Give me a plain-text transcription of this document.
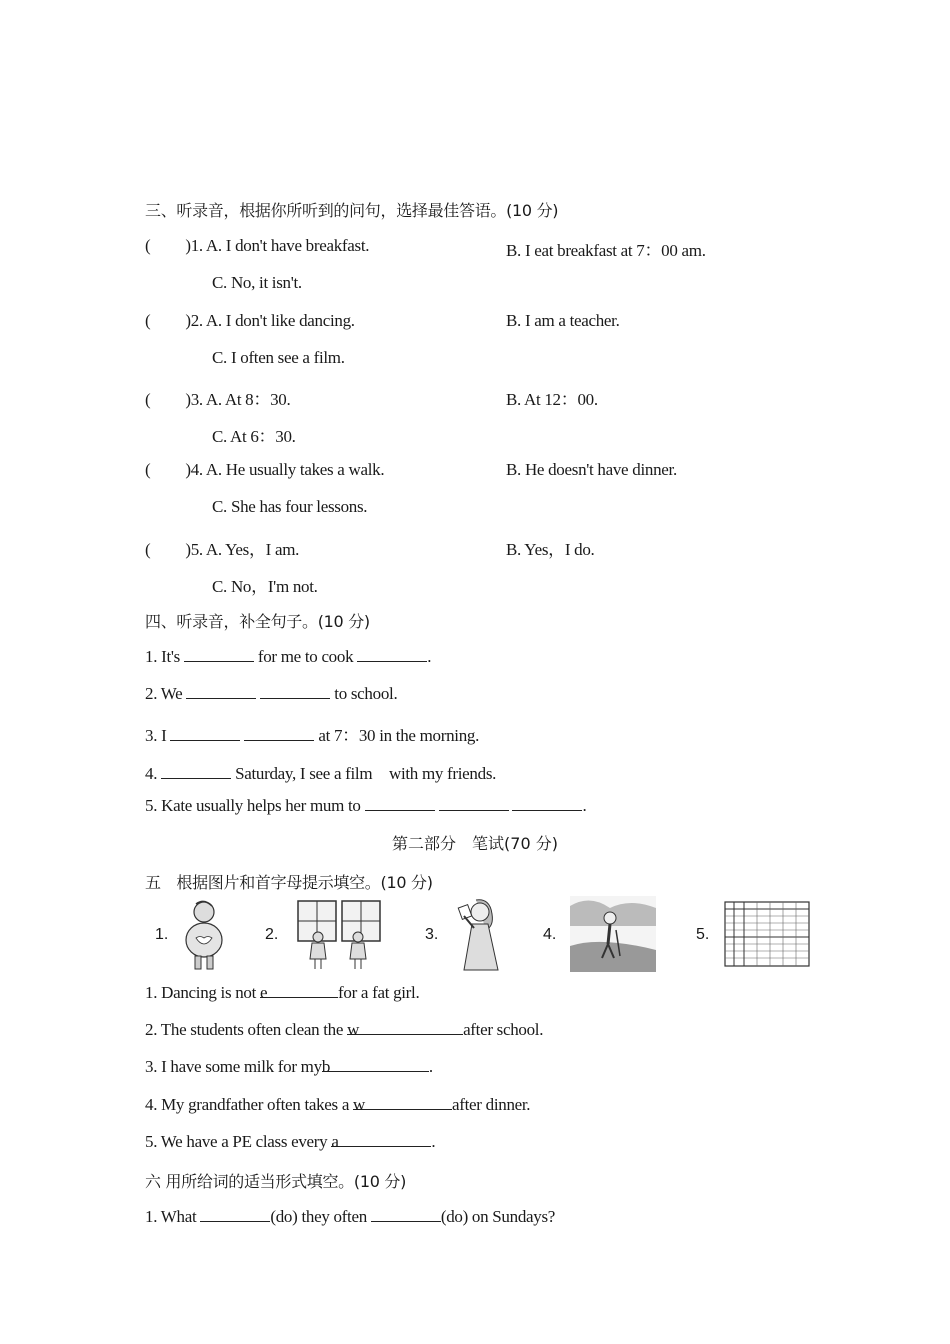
三、听录音，根据你所听到的问句，选择最佳答语。(10 分)
( )1. A. I don't have breakfast.	B. I eat breakfast at 7：00 am.
C. No, it isn't.
( )2. A. I don't like dancing.	B. I am a teacher.
C. I often see a film.
( )3. A. At 8：30.	B. At 12：00.
C. At 6：30.
( )4. A. He usually takes a walk.	B. He doesn't have dinner.
C. She has four lessons.
( )5. A. Yes，I am.	B. Yes，I do.
C. No，I'm not.
四、听录音，补全句子。(10 分)
1. It's	for me to cook	.
2. We	to school.
3. I	at 7：30 in the morning.
4.	Saturday, I see a film　with my friends.
5. Kate usually helps her mum to	.
第二部分　笔试(70 分)
五　根据图片和首字母提示填空。(10 分)
1.	2.	3.	4.	5.
1. Dancing is not e	for a fat girl.
2. The students often clean the w	after school.
3. I have some milk for myb	.
4. My grandfather often takes a w	after dinner.
5. We have a PE class every a	.
六 用所给词的适当形式填空。(10 分)
1. What	(do) they often	(do) on Sundays?
